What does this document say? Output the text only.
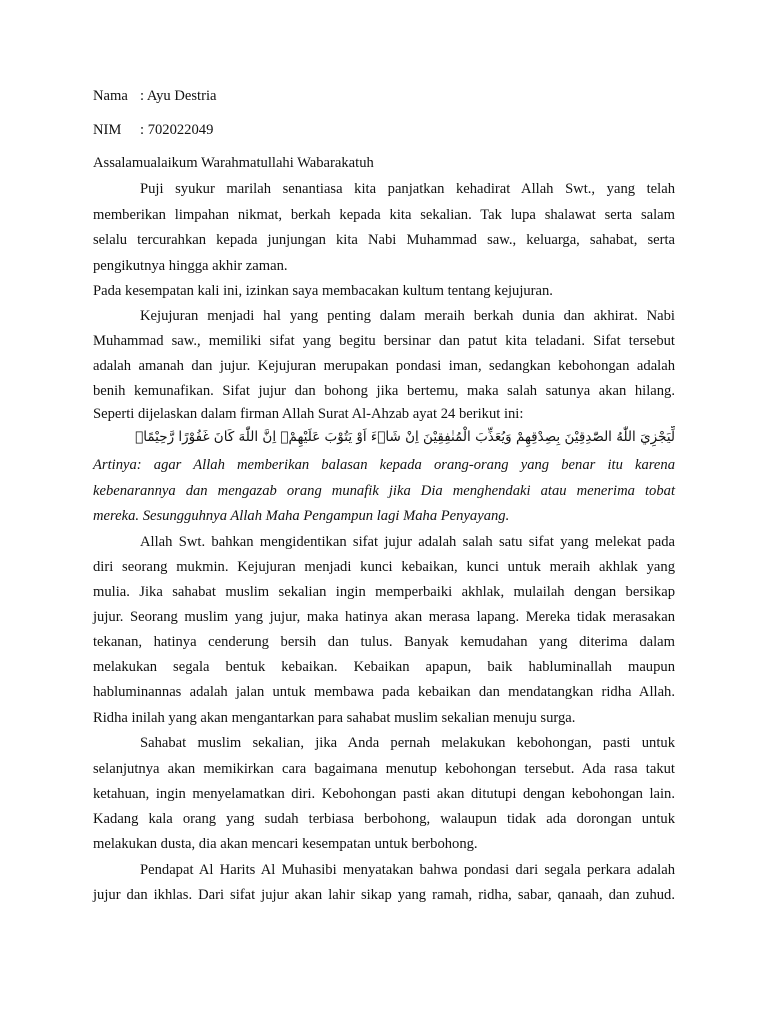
Nama : Ayu Destria
NIM : 702022049
Assalamualaikum Warahmatullahi Wabarakatuh
Puji syukur marilah senantiasa kita panjatkan kehadirat Allah Swt., yang telah
memberikan limpahan nikmat, berkah kepada kita sekalian. Tak lupa shalawat serta salam
selalu tercurahkan kepada junjungan kita Nabi Muhammad saw., keluarga, sahabat, serta
pengikutnya hingga akhir zaman.
Pada kesempatan kali ini, izinkan saya membacakan kultum tentang kejujuran.
Kejujuran menjadi hal yang penting dalam meraih berkah dunia dan akhirat. Nabi
Muhammad saw., memiliki sifat yang begitu bersinar dan patut kita teladani. Sifat tersebut
adalah amanah dan jujur. Kejujuran merupakan pondasi iman, sedangkan kebohongan adalah
benih kemunafikan. Sifat jujur dan bohong jika bertemu, maka salah satunya akan hilang.
Seperti dijelaskan dalam firman Allah Surat Al-Ahzab ayat 24 berikut ini:
لِّيَجْزِيَ اللّٰهُ الصّٰدِقِيْنَ بِصِدْقِهِمْ وَيُعَذِّبَ الْمُنٰفِقِيْنَ اِنْ شَاۤءَ اَوْ يَتُوْبَ عَلَيْهِمْۗ اِنَّ اللّٰهَ كَانَ غَفُوْرًا رَّحِيْمًاۚ
Artinya: agar Allah memberikan balasan kepada orang-orang yang benar itu karena
kebenarannya dan mengazab orang munafik jika Dia menghendaki atau menerima tobat
mereka. Sesungguhnya Allah Maha Pengampun lagi Maha Penyayang.
Allah Swt. bahkan mengidentikan sifat jujur adalah salah satu sifat yang melekat pada
diri seorang mukmin. Kejujuran menjadi kunci kebaikan, kunci untuk meraih akhlak yang
mulia. Jika sahabat muslim sekalian ingin memperbaiki akhlak, mulailah dengan bersikap
jujur. Seorang muslim yang jujur, maka hatinya akan merasa lapang. Mereka tidak merasakan
tekanan, hatinya cenderung bersih dan tulus. Banyak kemudahan yang diterima dalam
melakukan segala bentuk kebaikan. Kebaikan apapun, baik habluminallah maupun
habluminannas adalah jalan untuk membawa pada kebaikan dan mendatangkan ridha Allah.
Ridha inilah yang akan mengantarkan para sahabat muslim sekalian menuju surga.
Sahabat muslim sekalian, jika Anda pernah melakukan kebohongan, pasti untuk
selanjutnya akan memikirkan cara bagaimana menutup kebohongan tersebut. Ada rasa takut
ketahuan, ingin menyelamatkan diri. Kebohongan pasti akan ditutupi dengan kebohongan lain.
Kadang kala orang yang sudah terbiasa berbohong, walaupun tidak ada dorongan untuk
melakukan dusta, dia akan mencari kesempatan untuk berbohong.
Pendapat Al Harits Al Muhasibi menyatakan bahwa pondasi dari segala perkara adalah
jujur dan ikhlas. Dari sifat jujur akan lahir sikap yang ramah, ridha, sabar, qanaah, dan zuhud.
